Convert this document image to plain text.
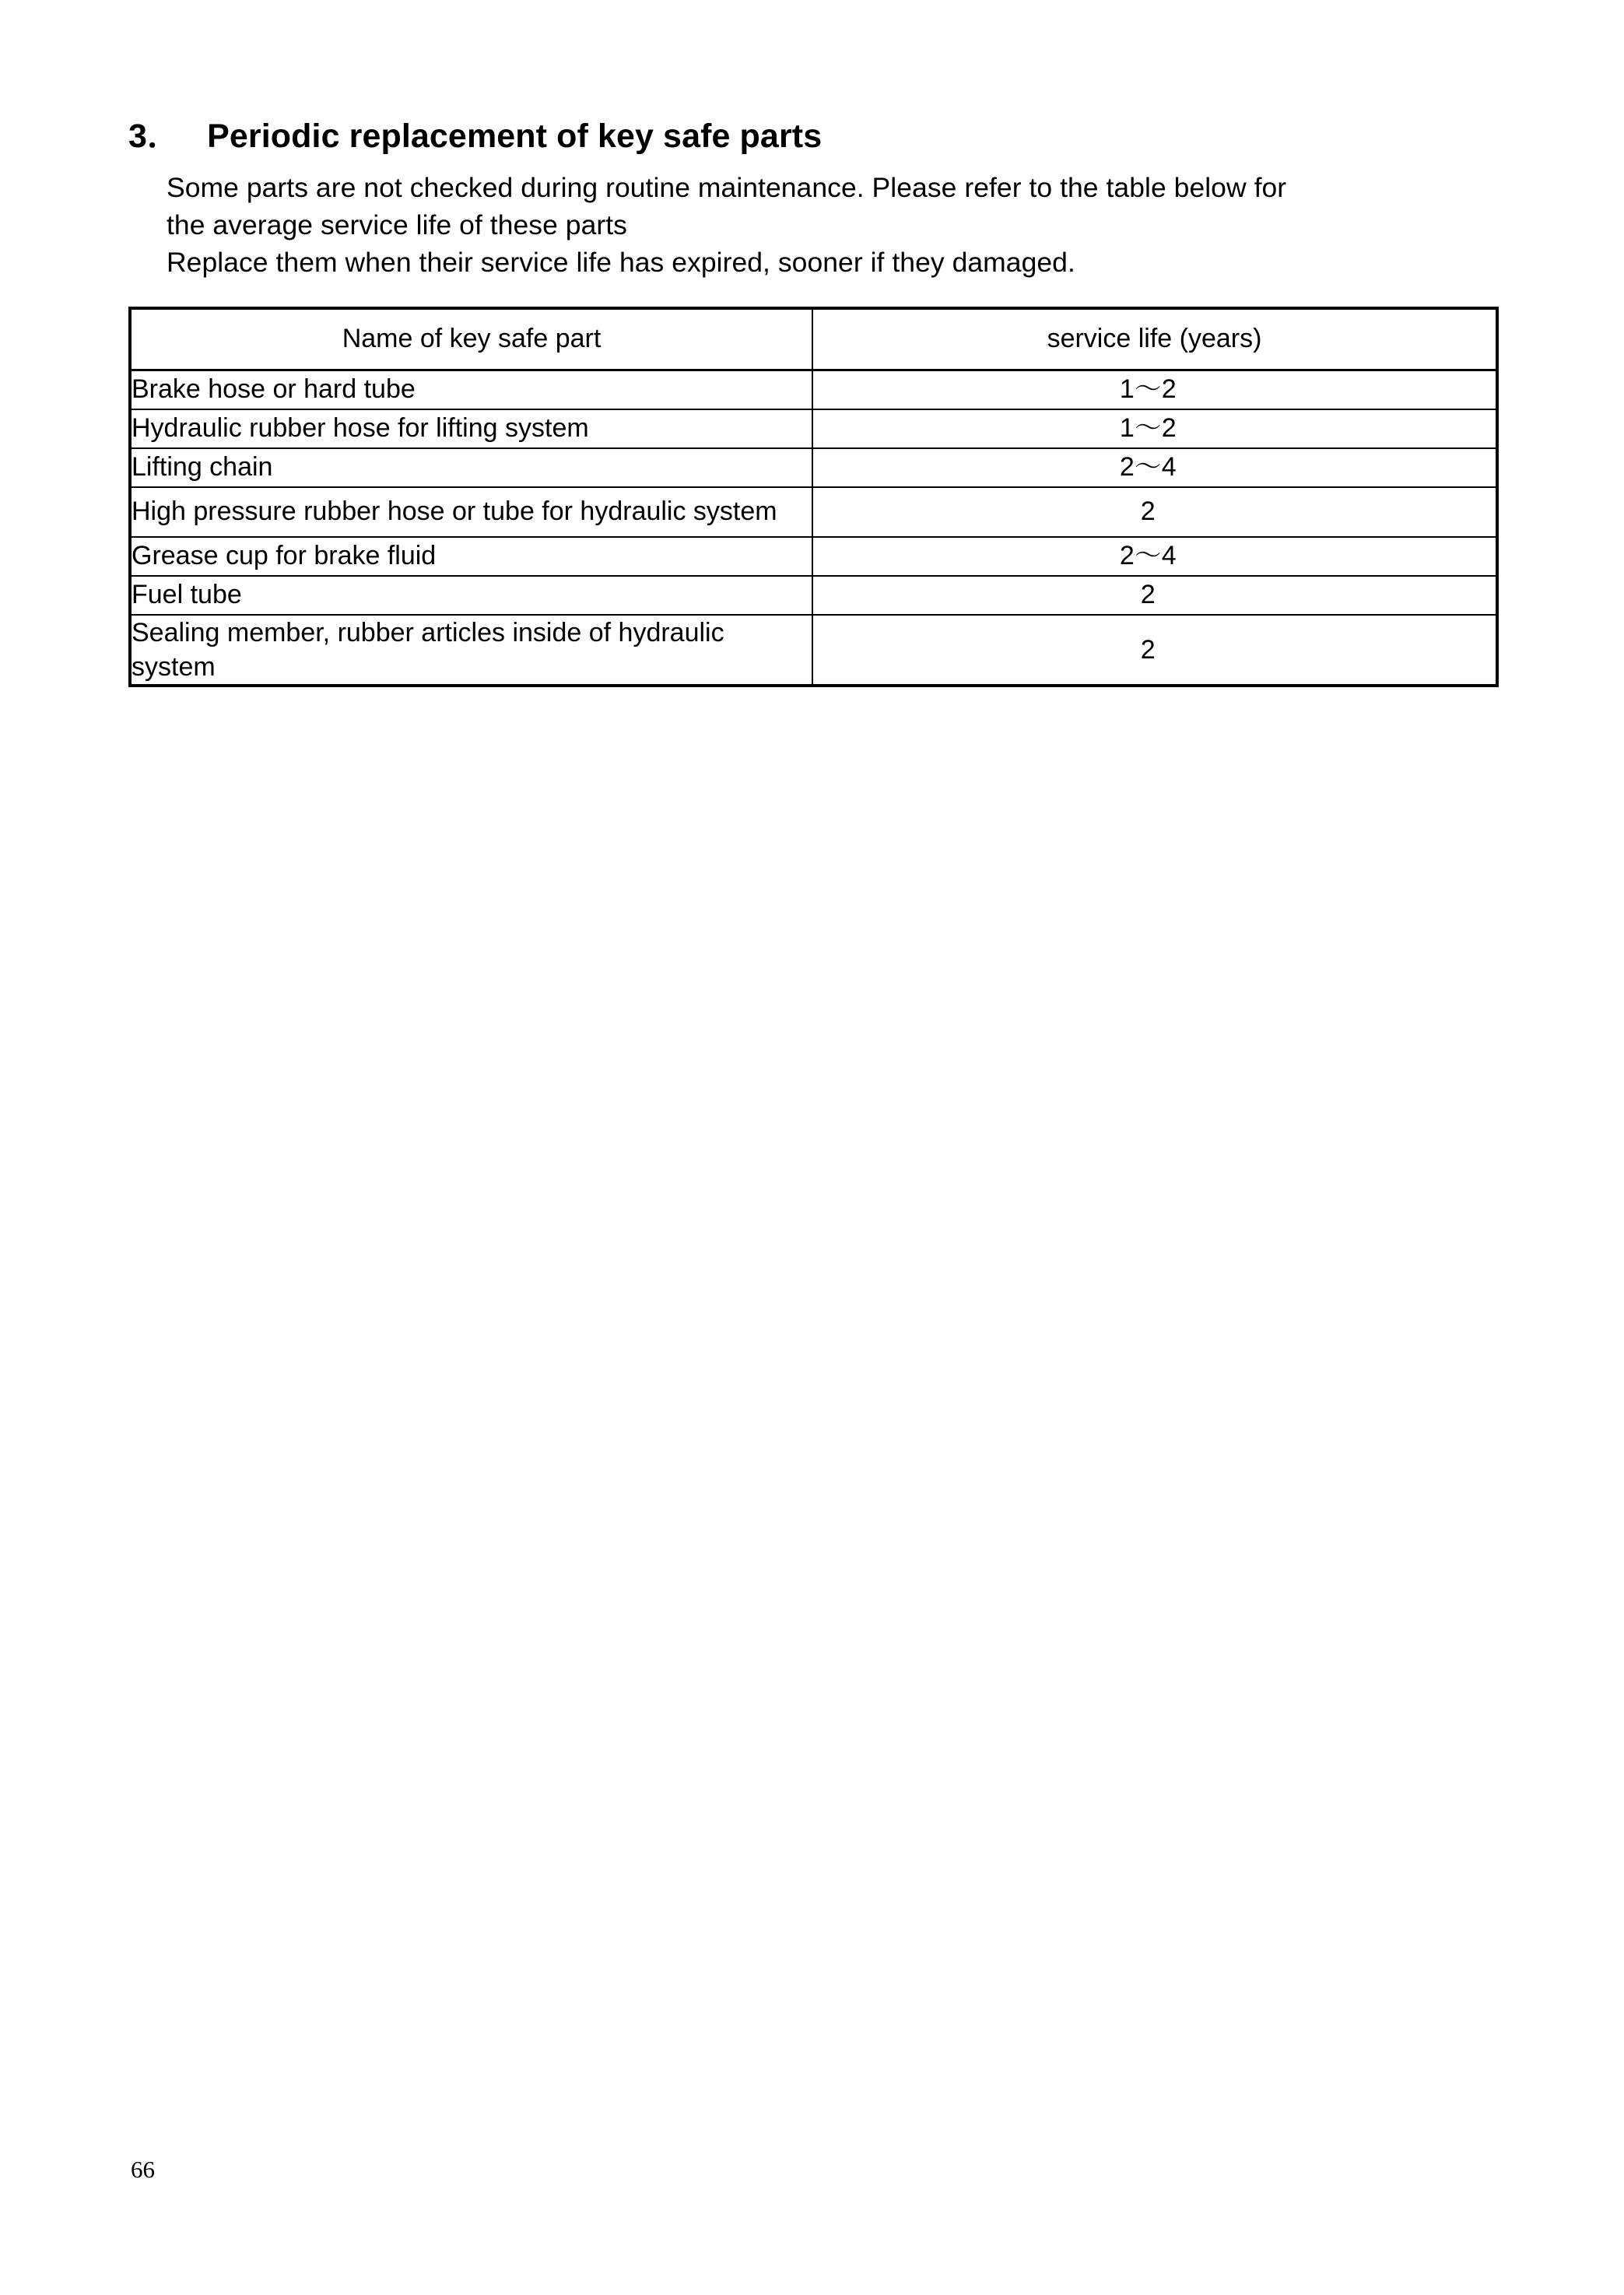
3． Periodic replacement of key safe parts

Some parts are not checked during routine maintenance. Please refer to the table below for

the average service life of these parts

Replace them when their service life has expired, sooner if they damaged.

Name of key safe part	service life (years)
Brake hose or hard tube	1〜2
Hydraulic rubber hose for lifting system	1〜2
Lifting chain	2〜4
High pressure rubber hose or tube for hydraulic system	2
Grease cup for brake fluid	2〜4
Fuel tube	2
Sealing member, rubber articles inside of hydraulic system	2
66
